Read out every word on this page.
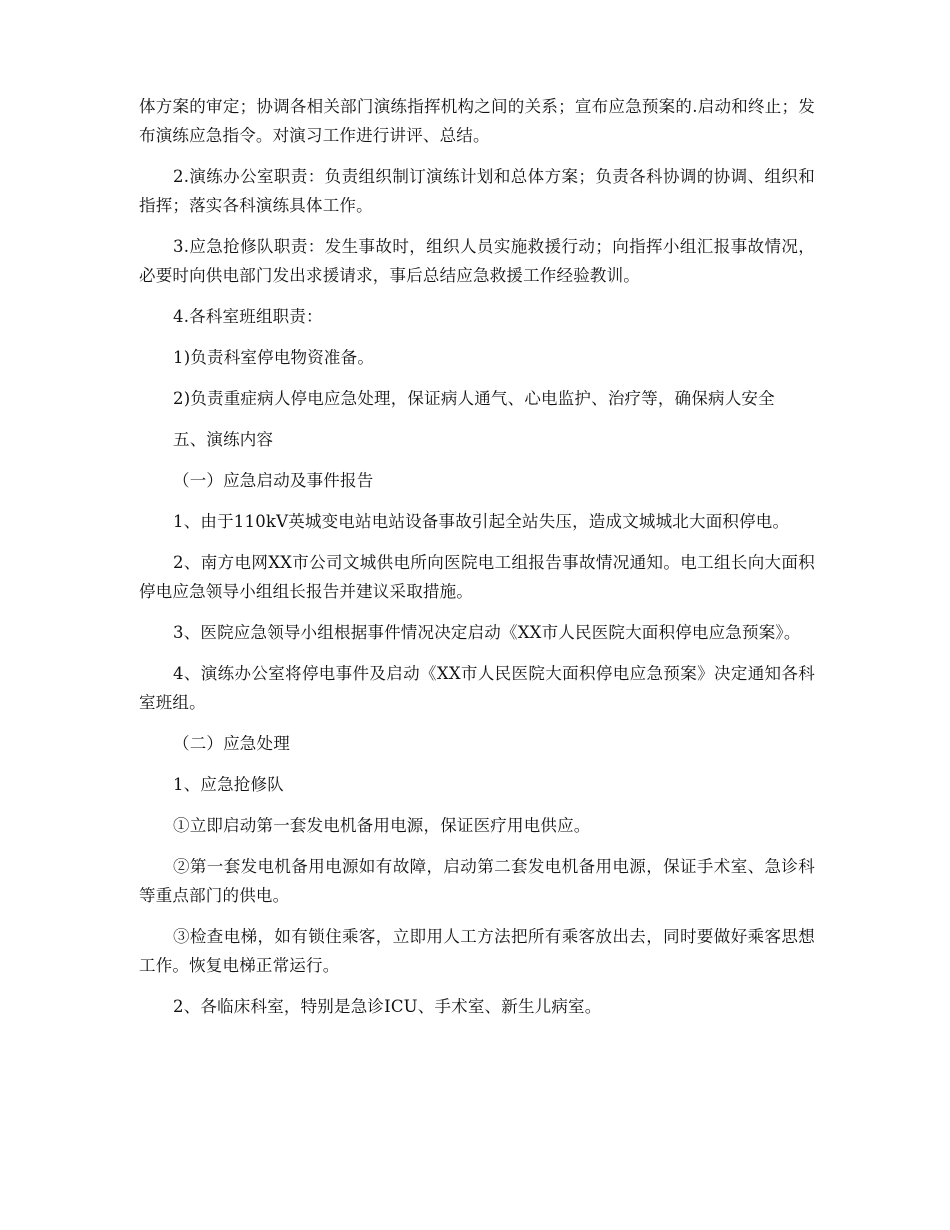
体方案的审定；协调各相关部门演练指挥机构之间的关系；宣布应急预案的.启动和终止；发布演练应急指令。对演习工作进行讲评、总结。

2.演练办公室职责：负责组织制订演练计划和总体方案；负责各科协调的协调、组织和指挥；落实各科演练具体工作。

3.应急抢修队职责：发生事故时，组织人员实施救援行动；向指挥小组汇报事故情况，必要时向供电部门发出求援请求，事后总结应急救援工作经验教训。

4.各科室班组职责：

1)负责科室停电物资准备。

2)负责重症病人停电应急处理，保证病人通气、心电监护、治疗等，确保病人安全

五、演练内容

（一）应急启动及事件报告

1、由于110kV英城变电站电站设备事故引起全站失压，造成文城城北大面积停电。

2、南方电网XX市公司文城供电所向医院电工组报告事故情况通知。电工组长向大面积停电应急领导小组组长报告并建议采取措施。

3、医院应急领导小组根据事件情况决定启动《XX市人民医院大面积停电应急预案》。

4、演练办公室将停电事件及启动《XX市人民医院大面积停电应急预案》决定通知各科室班组。

（二）应急处理

1、应急抢修队

①立即启动第一套发电机备用电源，保证医疗用电供应。

②第一套发电机备用电源如有故障，启动第二套发电机备用电源，保证手术室、急诊科等重点部门的供电。

③检查电梯，如有锁住乘客，立即用人工方法把所有乘客放出去，同时要做好乘客思想工作。恢复电梯正常运行。

2、各临床科室，特别是急诊ICU、手术室、新生儿病室。
